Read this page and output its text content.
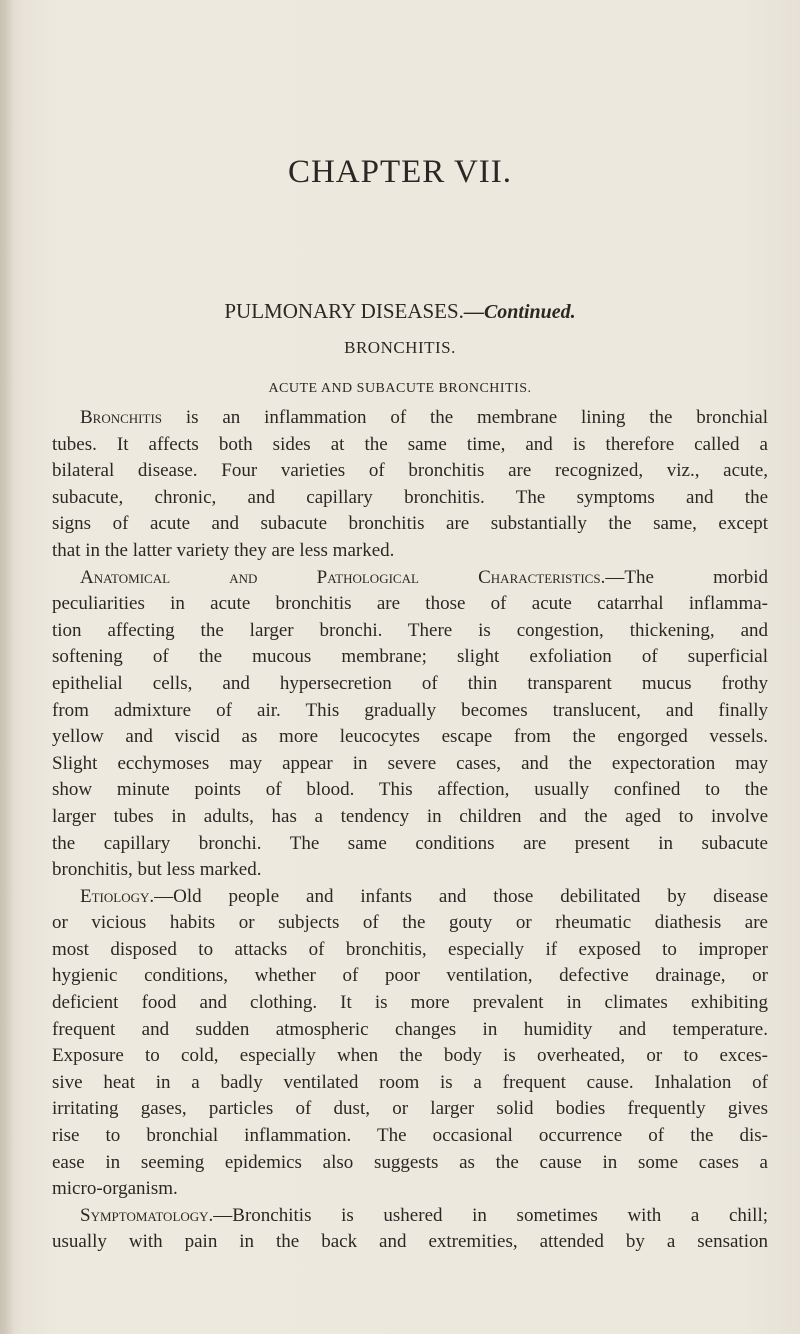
CHAPTER VII.
PULMONARY DISEASES.—Continued.
BRONCHITIS.
ACUTE AND SUBACUTE BRONCHITIS.
Bronchitis is an inflammation of the membrane lining the bronchial
tubes. It affects both sides at the same time, and is therefore called a
bilateral disease. Four varieties of bronchitis are recognized, viz., acute,
subacute, chronic, and capillary bronchitis. The symptoms and the
signs of acute and subacute bronchitis are substantially the same, except
that in the latter variety they are less marked.
Anatomical and Pathological Characteristics.—The morbid
peculiarities in acute bronchitis are those of acute catarrhal inflamma-
tion affecting the larger bronchi. There is congestion, thickening, and
softening of the mucous membrane; slight exfoliation of superficial
epithelial cells, and hypersecretion of thin transparent mucus frothy
from admixture of air. This gradually becomes translucent, and finally
yellow and viscid as more leucocytes escape from the engorged vessels.
Slight ecchymoses may appear in severe cases, and the expectoration may
show minute points of blood. This affection, usually confined to the
larger tubes in adults, has a tendency in children and the aged to involve
the capillary bronchi. The same conditions are present in subacute
bronchitis, but less marked.
Etiology.—Old people and infants and those debilitated by disease
or vicious habits or subjects of the gouty or rheumatic diathesis are
most disposed to attacks of bronchitis, especially if exposed to improper
hygienic conditions, whether of poor ventilation, defective drainage, or
deficient food and clothing. It is more prevalent in climates exhibiting
frequent and sudden atmospheric changes in humidity and temperature.
Exposure to cold, especially when the body is overheated, or to exces-
sive heat in a badly ventilated room is a frequent cause. Inhalation of
irritating gases, particles of dust, or larger solid bodies frequently gives
rise to bronchial inflammation. The occasional occurrence of the dis-
ease in seeming epidemics also suggests as the cause in some cases a
micro-organism.
Symptomatology.—Bronchitis is ushered in sometimes with a chill;
usually with pain in the back and extremities, attended by a sensation
